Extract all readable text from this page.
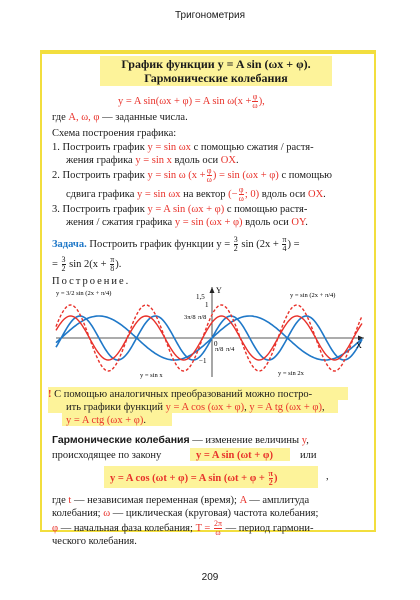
Тригонометрия
График функции y = A sin (ωx + φ).
Гармонические колебания
y = A sin(ωx + φ) = A $\sin \omega(x + \frac{\varphi}{\omega}$ ),
где A, ω, φ — заданные числа.
Схема построения графика:
1. Построить график y = sin ωx с помощью сжатия / растя-
жения графика y = sin x вдоль оси OX.
2. Построить график y = sin ω ($x + \frac{\varphi}{\omega}$ ) = sin (ωx + φ) с помощью
сдвига графика y = sin ωx на вектор (− $\frac{\varphi}{\omega}$ ; 0) вдоль оси OX.
3. Построить график y = A sin (ωx + φ) с помощью растя-
жения / сжатия графика y = sin (ωx + φ) вдоль оси OY.
Задача. Построить график функции $y = \frac{3}{2}$ $\sin (2x + \frac{\pi}{4}$ ) =
= $\frac{3}{2}$ $\sin 2(x + \frac{\pi}{8}$ ).
Построение.
Y
X
1,5
1
−1
0
3π/8 π/8
π/8 π/4
y = 3/2 sin (2x + π/4)	y = sin (2x + π/4)
y = sin x	y = sin 2x
! С помощью аналогичных преобразований можно постро-
ить графики функций y = A cos (ωx + φ), y = A tg (ωx + φ),
y = A ctg (ωx + φ).
Гармонические колебания — изменение величины y,
происходящее по закону	y = A sin (ωt + φ)	или
y = A cos (ωt + φ) = A $\sin (\omega t + \varphi + \frac{\pi}{2}$ )	,
где t — независимая переменная (время); A — амплитуда
колебания; ω — циклическая (круговая) частота колебания;
φ — начальная фаза колебания; $T = \frac{2\pi}{\omega}$ — период гармони-
ческого колебания.
209
